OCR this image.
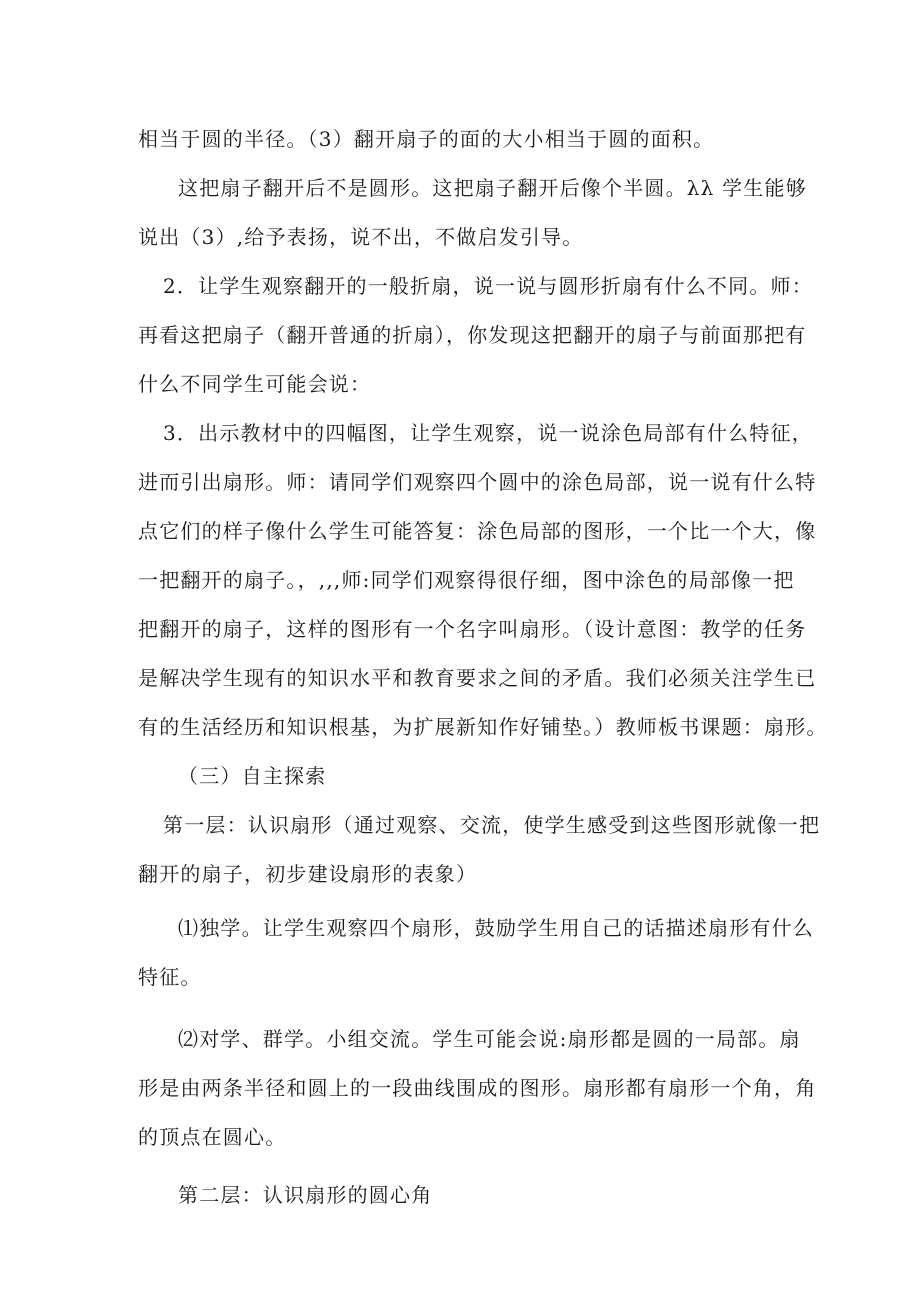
相当于圆的半径。（3）翻开扇子的面的大小相当于圆的面积。
这把扇子翻开后不是圆形。这把扇子翻开后像个半圆。λλ 学生能够
说出（3）,给予表扬，说不出，不做启发引导。
2．让学生观察翻开的一般折扇，说一说与圆形折扇有什么不同。师：
再看这把扇子（翻开普通的折扇），你发现这把翻开的扇子与前面那把有
什么不同学生可能会说：
3．出示教材中的四幅图，让学生观察，说一说涂色局部有什么特征，
进而引出扇形。师：请同学们观察四个圆中的涂色局部，说一说有什么特
点它们的样子像什么学生可能答复：涂色局部的图形，一个比一个大，像
一把翻开的扇子。，,,,师:同学们观察得很仔细，图中涂色的局部像一把
把翻开的扇子，这样的图形有一个名字叫扇形。（设计意图：教学的任务
是解决学生现有的知识水平和教育要求之间的矛盾。我们必须关注学生已
有的生活经历和知识根基，为扩展新知作好铺垫。）教师板书课题：扇形。
（三）自主探索
第一层：认识扇形（通过观察、交流，使学生感受到这些图形就像一把
翻开的扇子，初步建设扇形的表象）
⑴独学。让学生观察四个扇形，鼓励学生用自己的话描述扇形有什么
特征。
⑵对学、群学。小组交流。学生可能会说:扇形都是圆的一局部。扇
形是由两条半径和圆上的一段曲线围成的图形。扇形都有扇形一个角，角
的顶点在圆心。
第二层：认识扇形的圆心角
